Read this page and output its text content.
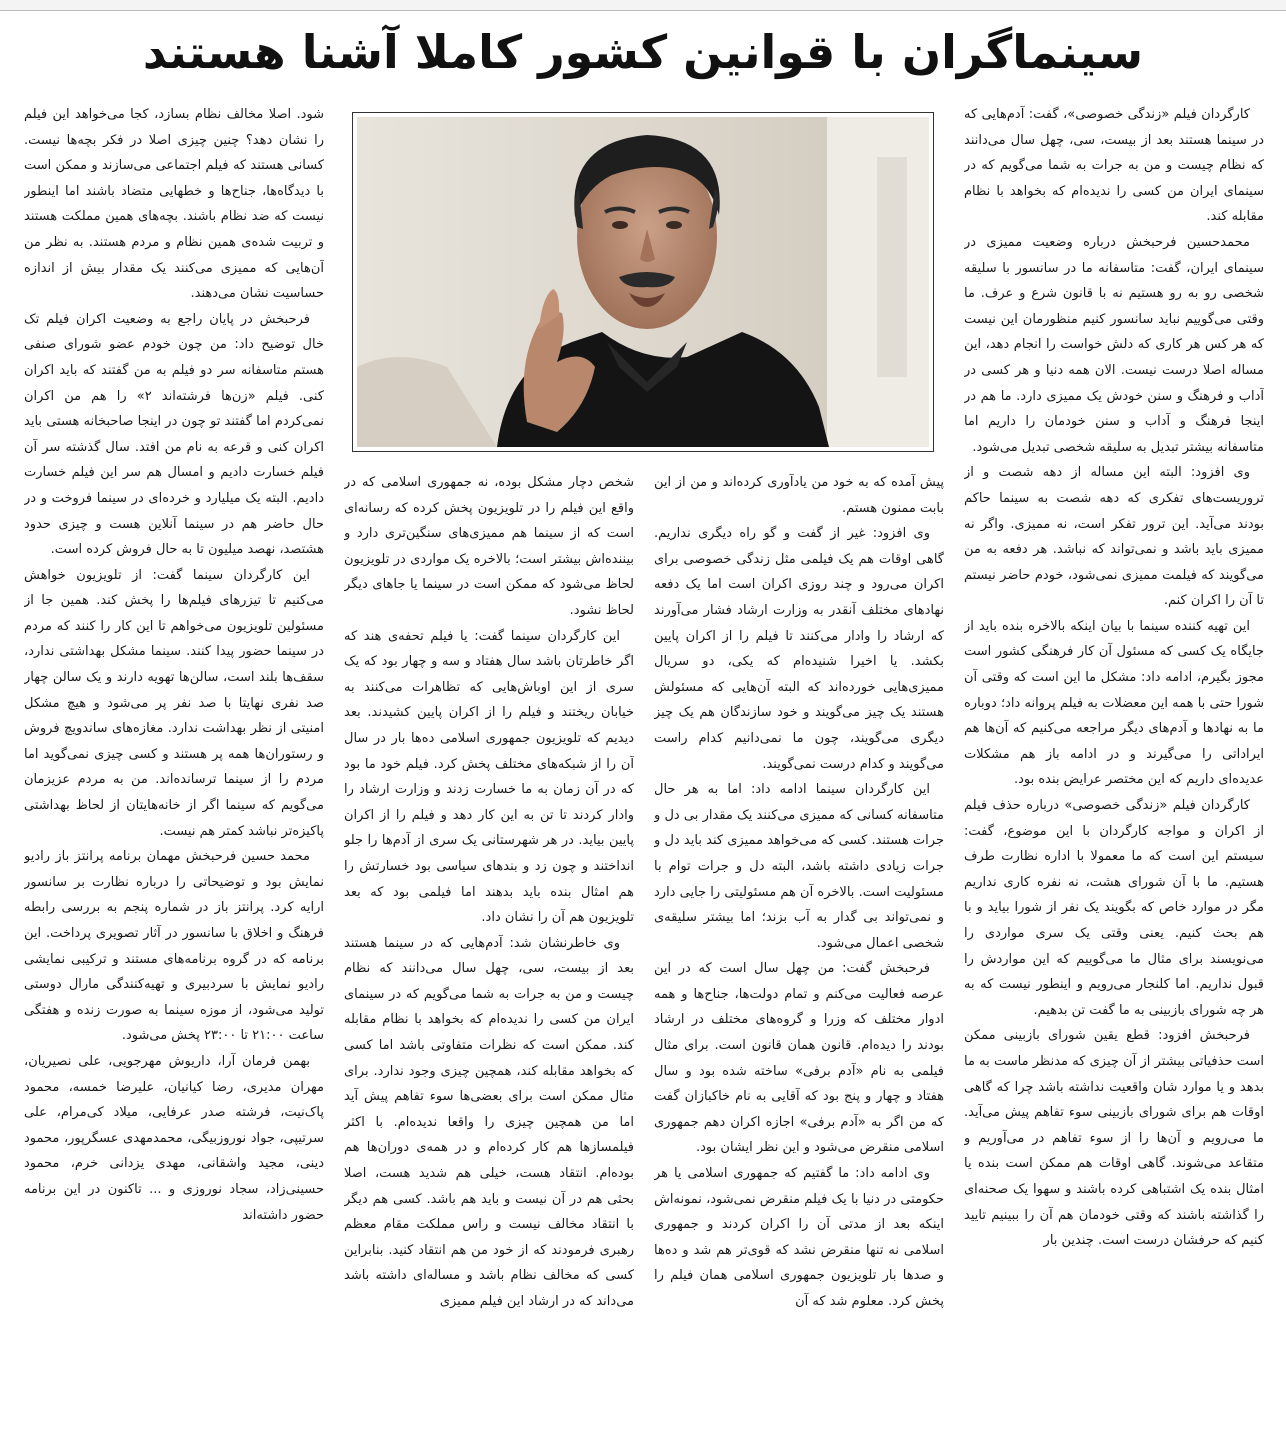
سینماگران با قوانین کشور کاملا آشنا هستند

کارگردان فیلم «زندگی خصوصی»، گفت: آدم‌هایی که در سینما هستند بعد از بیست، سی، چهل سال می‌دانند که نظام چیست و من به جرات به شما می‌گویم که در سینمای ایران من کسی را ندیده‌ام که بخواهد با نظام مقابله کند.

محمدحسین فرحبخش درباره وضعیت ممیزی در سینمای ایران، گفت: متاسفانه ما در سانسور با سلیقه شخصی رو به رو هستیم نه با قانون شرع و عرف. ما وقتی می‌گوییم نباید سانسور کنیم منظورمان این نیست که هر کس هر کاری که دلش خواست را انجام دهد، این مساله اصلا درست نیست. الان همه دنیا و هر کسی در آداب و فرهنگ و سنن خودش یک ممیزی دارد. ما هم در اینجا فرهنگ و آداب و سنن خودمان را داریم اما متاسفانه بیشتر تبدیل به سلیقه شخصی تبدیل می‌شود.

وی افزود: البته این مساله از دهه شصت و از تروریست‌های تفکری که دهه شصت به سینما حاکم بودند می‌آید. این ترور تفکر است، نه ممیزی. واگر نه ممیزی باید باشد و نمی‌تواند که نباشد. هر دفعه به من می‌گویند که فیلمت ممیزی نمی‌شود، خودم حاضر نیستم تا آن را اکران کنم.

این تهیه کننده سینما با بیان اینکه بالاخره بنده باید از جایگاه یک کسی که مسئول آن کار فرهنگی کشور است مجوز بگیرم، ادامه داد: مشکل ما این است که وقتی آن شورا حتی با همه این معضلات به فیلم پروانه داد؛ دوباره ما به نهادها و آدم‌های دیگر مراجعه می‌کنیم که آن‌ها هم ایراداتی را می‌گیرند و در ادامه باز هم مشکلات عدیده‌ای داریم که این مختصر عرایض بنده بود.

کارگردان فیلم «زندگی خصوصی» درباره حذف فیلم از اکران و مواجه کارگردان با این موضوع، گفت: سیستم این است که ما معمولا با اداره نظارت طرف هستیم. ما با آن شورای هشت، نه نفره کاری نداریم مگر در موارد خاص که بگویند یک نفر از شورا بیاید و با هم بحث کنیم. یعنی وقتی یک سری مواردی را می‌نویسند برای مثال ما می‌گوییم که این مواردش را قبول نداریم. اما کلنجار می‌رویم و اینطور نیست که به هر چه شورای بازبینی به ما گفت تن بدهیم.

فرحبخش افزود: قطع یقین شورای بازبینی ممکن است حذفیاتی بیشتر از آن چیزی که مدنظر ماست به ما بدهد و یا موارد شان واقعیت نداشته باشد چرا که گاهی اوقات هم برای شورای بازبینی سوء تفاهم پیش می‌آید. ما می‌رویم و آن‌ها را از سوء تفاهم در می‌آوریم و متقاعد می‌شوند. گاهی اوقات هم ممکن است بنده یا امثال بنده یک اشتباهی کرده باشند و سهوا یک صحنه‌ای را گذاشته باشند که وقتی خودمان هم آن را ببینیم تایید کنیم که حرفشان درست است. چندین بار

پیش آمده که به خود من یادآوری کرده‌اند و من از این بابت ممنون هستم.

وی افزود: غیر از گفت و گو راه دیگری نداریم. گاهی اوقات هم یک فیلمی مثل زندگی خصوصی برای اکران می‌رود و چند روزی اکران است اما یک دفعه نهادهای مختلف آنقدر به وزارت ارشاد فشار می‌آورند که ارشاد را وادار می‌کنند تا فیلم را از اکران پایین بکشد. یا اخیرا شنیده‌ام که یکی، دو سریال ممیزی‌هایی خورده‌اند که البته آن‌هایی که مسئولش هستند یک چیز می‌گویند و خود سازندگان هم یک چیز دیگری می‌گویند، چون ما نمی‌دانیم کدام راست می‌گویند و کدام درست نمی‌گویند.

این کارگردان سینما ادامه داد: اما به هر حال متاسفانه کسانی که ممیزی می‌کنند یک مقدار بی دل و جرات هستند. کسی که می‌خواهد ممیزی کند باید دل و جرات زیادی داشته باشد، البته دل و جرات توام با مسئولیت است. بالاخره آن هم مسئولیتی را جایی دارد و نمی‌تواند بی گدار به آب بزند؛ اما بیشتر سلیقه‌ی شخصی اعمال می‌شود.

فرحبخش گفت: من چهل سال است که در این عرصه فعالیت می‌کنم و تمام دولت‌ها، جناح‌ها و همه ادوار مختلف که وزرا و گروه‌های مختلف در ارشاد بودند را دیده‌ام. قانون همان قانون است. برای مثال فیلمی به نام «آدم برفی» ساخته شده بود و سال هفتاد و چهار و پنج بود که آقایی به نام خاکبازان گفت که من اگر به «آدم برفی» اجازه اکران دهم جمهوری اسلامی منقرض می‌شود و این نظر ایشان بود.

وی ادامه داد: ما گفتیم که جمهوری اسلامی یا هر حکومتی در دنیا با یک فیلم منقرض نمی‌شود، نمونه‌اش اینکه بعد از مدتی آن را اکران کردند و جمهوری اسلامی نه تنها منقرض نشد که قوی‌تر هم شد و ده‌ها و صدها بار تلویزیون جمهوری اسلامی همان فیلم را پخش کرد. معلوم شد که آن

شخص دچار مشکل بوده، نه جمهوری اسلامی که در واقع این فیلم را در تلویزیون پخش کرده که رسانه‌ای است که از سینما هم ممیزی‌های سنگین‌تری دارد و بیننده‌اش بیشتر است؛ بالاخره یک مواردی در تلویزیون لحاظ می‌شود که ممکن است در سینما یا جاهای دیگر لحاظ نشود.

این کارگردان سینما گفت: یا فیلم تحفه‌ی هند که اگر خاطرتان باشد سال هفتاد و سه و چهار بود که یک سری از این اوباش‌هایی که تظاهرات می‌کنند به خیابان ریختند و فیلم را از اکران پایین کشیدند. بعد دیدیم که تلویزیون جمهوری اسلامی ده‌ها بار در سال آن را از شبکه‌های مختلف پخش کرد. فیلم خود ما بود که در آن زمان به ما خسارت زدند و وزارت ارشاد را وادار کردند تا تن به این کار دهد و فیلم را از اکران پایین بیاید. در هر شهرستانی یک سری از آدم‌ها را جلو انداختند و چون زد و بندهای سیاسی بود خسارتش را هم امثال بنده باید بدهند اما فیلمی بود که بعد تلویزیون هم آن را نشان داد.

وی خاطرنشان شد: آدم‌هایی که در سینما هستند بعد از بیست، سی، چهل سال می‌دانند که نظام چیست و من به جرات به شما می‌گویم که در سینمای ایران من کسی را ندیده‌ام که بخواهد با نظام مقابله کند. ممکن است که نظرات متفاوتی باشد اما کسی که بخواهد مقابله کند، همچین چیزی وجود ندارد. برای مثال ممکن است برای بعضی‌ها سوء تفاهم پیش آید اما من همچین چیزی را واقعا ندیده‌ام. با اکثر فیلمسازها هم کار کرده‌ام و در همه‌ی دوران‌ها هم بوده‌ام. انتقاد هست، خیلی هم شدید هست، اصلا بحثی هم در آن نیست و باید هم باشد. کسی هم دیگر با انتقاد مخالف نیست و راس مملکت مقام معظم رهبری فرمودند که از خود من هم انتقاد کنید. بنابراین کسی که مخالف نظام باشد و مساله‌ای داشته باشد می‌داند که در ارشاد این فیلم ممیزی

شود. اصلا مخالف نظام بسازد، کجا می‌خواهد این فیلم را نشان دهد؟ چنین چیزی اصلا در فکر بچه‌ها نیست. کسانی هستند که فیلم اجتماعی می‌سازند و ممکن است با دیدگاه‌ها، جناح‌ها و خطهایی متضاد باشند اما اینطور نیست که ضد نظام باشند. بچه‌های همین مملکت هستند و تربیت شده‌ی همین نظام و مردم هستند. به نظر من آن‌هایی که ممیزی می‌کنند یک مقدار بیش از اندازه حساسیت نشان می‌دهند.

فرحبخش در پایان راجع به وضعیت اکران فیلم تک خال توضیح داد: من چون خودم عضو شورای صنفی هستم متاسفانه سر دو فیلم به من گفتند که باید اکران کنی. فیلم «زن‌ها فرشته‌اند ۲» را هم من اکران نمی‌کردم اما گفتند تو چون در اینجا صاحبخانه هستی باید اکران کنی و قرعه به نام من افتد. سال گذشته سر آن فیلم خسارت دادیم و امسال هم سر این فیلم خسارت دادیم. البته یک میلیارد و خرده‌ای در سینما فروخت و در حال حاضر هم در سینما آنلاین هست و چیزی حدود هشتصد، نهصد میلیون تا به حال فروش کرده است.

این کارگردان سینما گفت: از تلویزیون خواهش می‌کنیم تا تیزرهای فیلم‌ها را پخش کند. همین جا از مسئولین تلویزیون می‌خواهم تا این کار را کنند که مردم در سینما حضور پیدا کنند. سینما مشکل بهداشتی ندارد، سقف‌ها بلند است، سالن‌ها تهویه دارند و یک سالن چهار صد نفری نهایتا با صد نفر پر می‌شود و هیچ مشکل امنیتی از نظر بهداشت ندارد. مغازه‌های ساندویچ فروش و رستوران‌ها همه پر هستند و کسی چیزی نمی‌گوید اما مردم را از سینما ترسانده‌اند. من به مردم عزیزمان می‌گویم که سینما اگر از خانه‌هایتان از لحاظ بهداشتی پاکیزه‌تر نباشد کمتر هم نیست.

محمد حسین فرحبخش مهمان برنامه پرانتز باز رادیو نمایش بود و توضیحاتی را درباره نظارت بر سانسور ارایه کرد. پرانتز باز در شماره پنجم به بررسی رابطه فرهنگ و اخلاق با سانسور در آثار تصویری پرداخت. این برنامه که در گروه برنامه‌های مستند و ترکیبی نمایشی رادیو نمایش با سردبیری و تهیه‌کنندگی مارال دوستی تولید می‌شود، از موزه سینما به صورت زنده و هفتگی ساعت ۲۱:۰۰ تا ۲۳:۰۰ پخش می‌شود.

بهمن فرمان آرا، داریوش مهرجویی، علی نصیریان، مهران مدیری، رضا کیانیان، علیرضا خمسه، محمود پاک‌نیت، فرشته صدر عرفایی، میلاد کی‌مرام، علی سرتیپی، جواد نوروزبیگی، محمدمهدی عسگرپور، محمود دینی، مجید واشقانی، مهدی یزدانی خرم، محمود حسینی‌زاد، سجاد نوروزی و ... تاکنون در این برنامه حضور داشته‌اند
